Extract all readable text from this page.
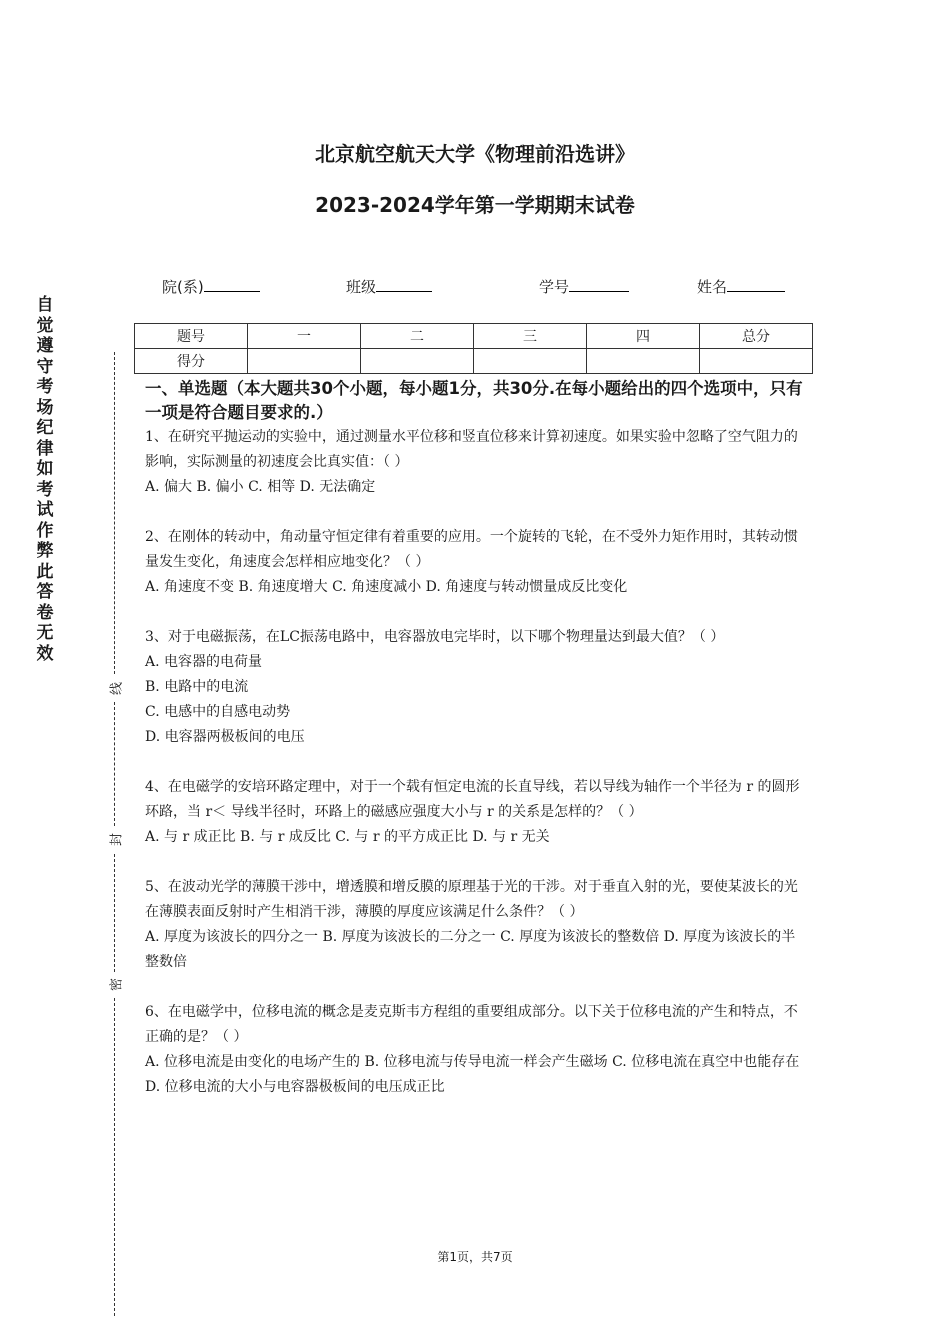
北京航空航天大学《物理前沿选讲》
2023-2024学年第一学期期末试卷
院(系)	班级	学号	姓名
自觉遵守考场纪律如考试作弊此答卷无效
线
封
密
题号	一	二	三	四	总分
得分					
一、单选题（本大题共30个小题，每小题1分，共30分.在每小题给出的四个选项中，只有一项是符合题目要求的.）

1、在研究平抛运动的实验中，通过测量水平位移和竖直位移来计算初速度。如果实验中忽略了空气阻力的影响，实际测量的初速度会比真实值：（ ）

A. 偏大 B. 偏小 C. 相等 D. 无法确定

2、在刚体的转动中，角动量守恒定律有着重要的应用。一个旋转的飞轮，在不受外力矩作用时，其转动惯量发生变化，角速度会怎样相应地变化？（ ）

A. 角速度不变 B. 角速度增大 C. 角速度减小 D. 角速度与转动惯量成反比变化

3、对于电磁振荡，在LC振荡电路中，电容器放电完毕时，以下哪个物理量达到最大值？（ ）

A. 电容器的电荷量

B. 电路中的电流

C. 电感中的自感电动势

D. 电容器两极板间的电压

4、在电磁学的安培环路定理中，对于一个载有恒定电流的长直导线，若以导线为轴作一个半径为 r 的圆形环路，当 r＜ 导线半径时，环路上的磁感应强度大小与 r 的关系是怎样的？（ ）

A. 与 r 成正比 B. 与 r 成反比 C. 与 r 的平方成正比 D. 与 r 无关

5、在波动光学的薄膜干涉中，增透膜和增反膜的原理基于光的干涉。对于垂直入射的光，要使某波长的光在薄膜表面反射时产生相消干涉，薄膜的厚度应该满足什么条件？（ ）

A. 厚度为该波长的四分之一 B. 厚度为该波长的二分之一 C. 厚度为该波长的整数倍 D. 厚度为该波长的半整数倍

6、在电磁学中，位移电流的概念是麦克斯韦方程组的重要组成部分。以下关于位移电流的产生和特点，不正确的是？（ ）

A. 位移电流是由变化的电场产生的 B. 位移电流与传导电流一样会产生磁场 C. 位移电流在真空中也能存在 D. 位移电流的大小与电容器极板间的电压成正比

第1页，共7页
